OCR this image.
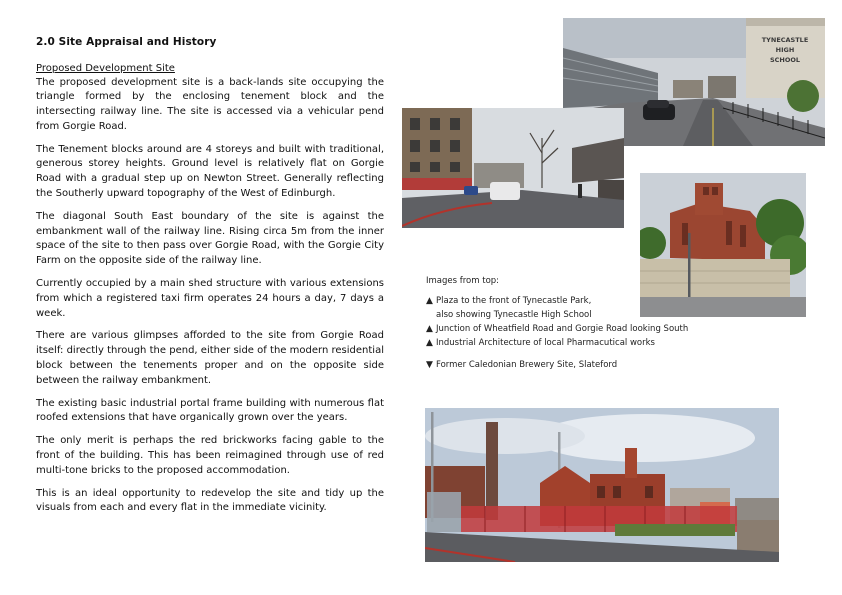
2.0 Site Appraisal and History

Proposed Development Site

The proposed development site is a back-lands site occupying the triangle formed by the enclosing tenement block and the intersecting railway line. The site is accessed via a vehicular pend from Gorgie Road.

The Tenement blocks around are 4 storeys and built with traditional, generous storey heights. Ground level is relatively flat on Gorgie Road with a gradual step up on Newton Street. Generally reflecting the Southerly upward topography of the West of Edinburgh.

The diagonal South East boundary of the site is against the embankment wall of the railway line. Rising circa 5m from the inner space of the site to then pass over Gorgie Road, with the Gorgie City Farm on the opposite side of the railway line.

Currently occupied by a main shed structure with various extensions from which a registered taxi firm operates 24 hours a day, 7 days a week.

There are various glimpses afforded to the site from Gorgie Road itself: directly through the pend, either side of the modern residential block between the tenements proper and on the opposite side between the railway embankment.

The existing basic industrial portal frame building with numerous flat roofed extensions that have organically grown over the years.

The only merit is perhaps the red brickworks facing gable to the front of the building. This has been reimagined through use of red multi-tone bricks to the proposed accommodation.

This is an ideal opportunity to redevelop the site and tidy up the visuals from each and every flat in the immediate vicinity.

TYNECASTLE
HIGH
SCHOOL

Images from top:

▲ Plaza to the front of Tynecastle Park,

also showing Tynecastle High School

▲ Junction of Wheatfield Road and Gorgie Road looking South

▲ Industrial Architecture of local Pharmacutical works

▼ Former Caledonian Brewery Site, Slateford
